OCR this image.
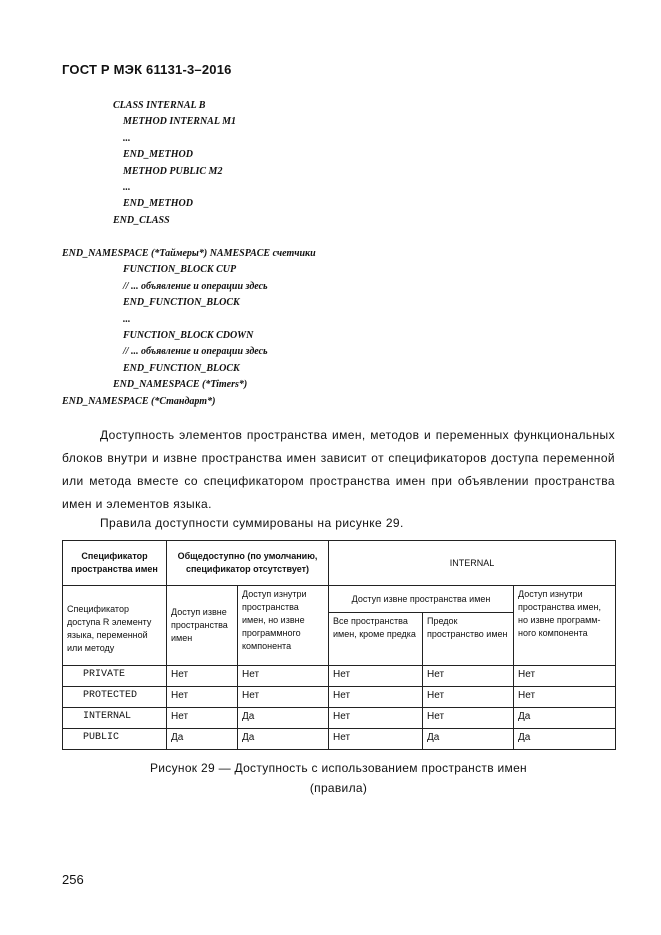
ГОСТ Р МЭК 61131-3–2016
CLASS INTERNAL B
METHOD INTERNAL M1
...
END_METHOD
METHOD PUBLIC M2
...
END_METHOD
END_CLASS
END_NAMESPACE (*Таймеры*) NAMESPACE счетчики
FUNCTION_BLOCK CUP
// ... объявление и операции здесь
END_FUNCTION_BLOCK
...
FUNCTION_BLOCK CDOWN
// ... объявление и операции здесь
END_FUNCTION_BLOCK
END_NAMESPACE (*Timers*)
END_NAMESPACE (*Стандарт*)
Доступность элементов пространства имен, методов и переменных функциональных блоков внутри и извне пространства имен зависит от спецификаторов доступа переменной или метода вместе со спецификатором пространства имен при объявлении пространства имен и элементов языка.
Правила доступности суммированы на рисунке 29.
Спецификатор пространства имен	Общедоступно (по умолчанию, спецификатор отсутствует)		INTERNAL		
Спецификатор доступа R элементу языка, переменной или методу	Доступ извне пространства имен	Доступ изнутри пространства имен, но извне программного компонента	Доступ извне пространства имен		Доступ изнутри пространства имен, но извне программ-ного компонента
			Все пространства имен, кроме предка	Предок пространство имен	
PRIVATE	Нет	Нет	Нет	Нет	Нет
PROTECTED	Нет	Нет	Нет	Нет	Нет
INTERNAL	Нет	Да	Нет	Нет	Да
PUBLIC	Да	Да	Нет	Да	Да
Рисунок 29 — Доступность с использованием пространств имен
(правила)
256
